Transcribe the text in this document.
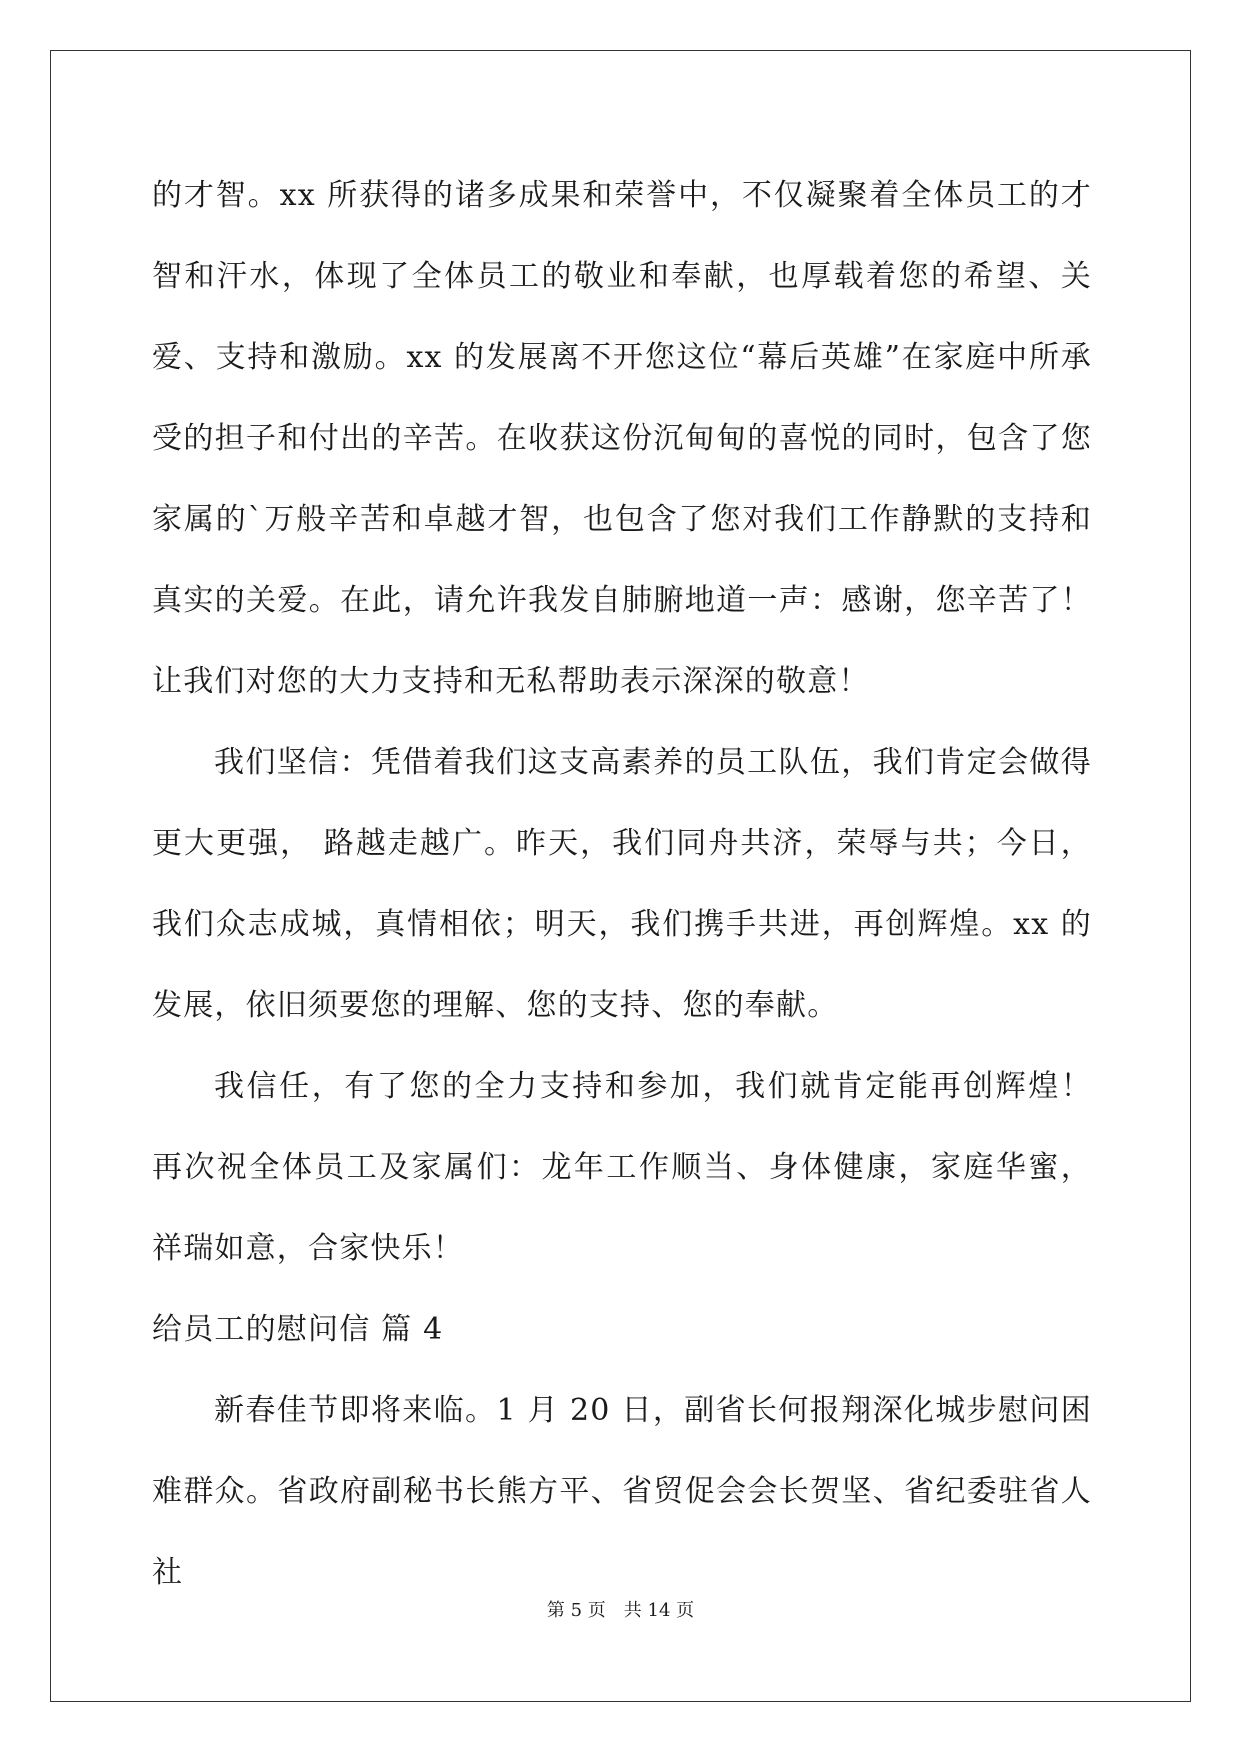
的才智。xx 所获得的诸多成果和荣誉中，不仅凝聚着全体员工的才智和汗水，体现了全体员工的敬业和奉献，也厚载着您的希望、关爱、支持和激励。xx 的发展离不开您这位“幕后英雄”在家庭中所承受的担子和付出的辛苦。在收获这份沉甸甸的喜悦的同时，包含了您家属的`万般辛苦和卓越才智，也包含了您对我们工作静默的支持和真实的关爱。在此，请允许我发自肺腑地道一声：感谢，您辛苦了！让我们对您的大力支持和无私帮助表示深深的敬意！

我们坚信：凭借着我们这支高素养的员工队伍，我们肯定会做得更大更强， 路越走越广。昨天，我们同舟共济，荣辱与共；今日，我们众志成城，真情相依；明天，我们携手共进，再创辉煌。xx 的发展，依旧须要您的理解、您的支持、您的奉献。

我信任，有了您的全力支持和参加，我们就肯定能再创辉煌！ 再次祝全体员工及家属们：龙年工作顺当、身体健康，家庭华蜜， 祥瑞如意，合家快乐！

给员工的慰问信 篇 4

新春佳节即将来临。1 月 20 日，副省长何报翔深化城步慰问困难群众。省政府副秘书长熊方平、省贸促会会长贺坚、省纪委驻省人社

第 5 页　共 14 页
